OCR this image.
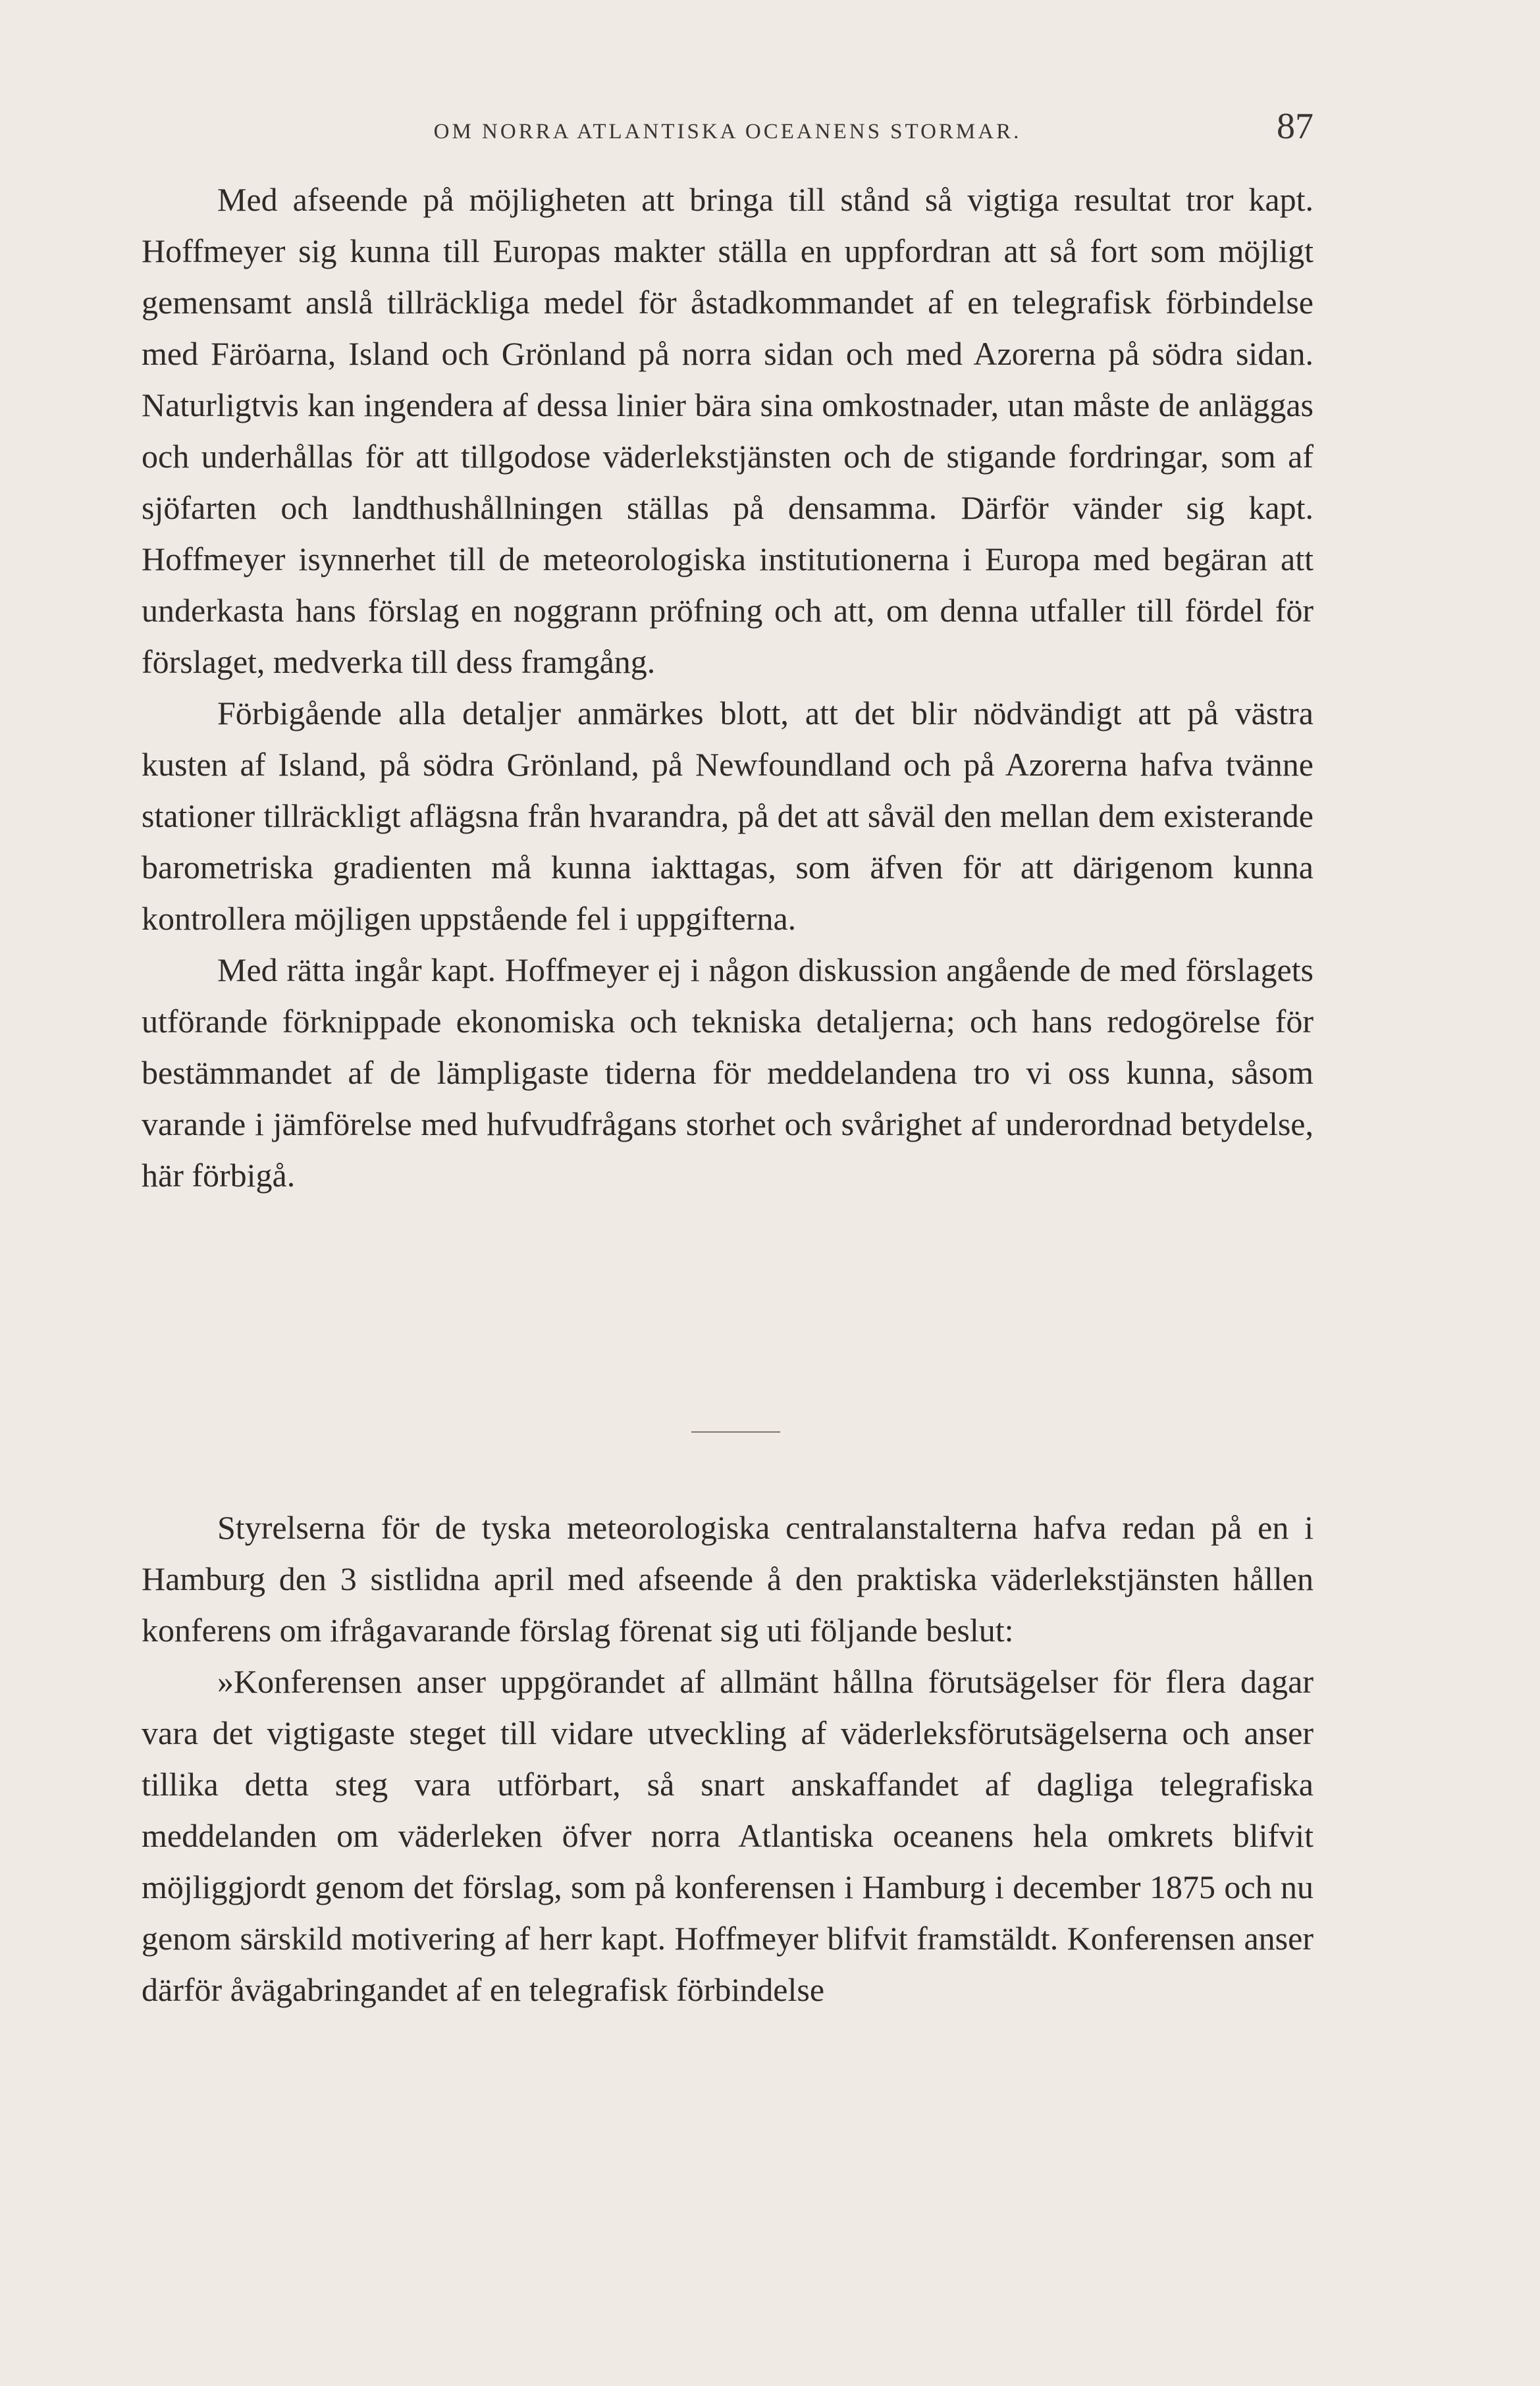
OM NORRA ATLANTISKA OCEANENS STORMAR.	87

Med afseende på möjligheten att bringa till stånd så vigtiga resultat tror kapt. Hoffmeyer sig kunna till Europas makter ställa en uppfordran att så fort som möjligt gemensamt anslå tillräckliga medel för åstadkommandet af en telegrafisk förbindelse med Färöarna, Island och Grönland på norra sidan och med Azorerna på södra sidan. Naturligtvis kan ingendera af dessa linier bära sina omkostnader, utan måste de anläggas och underhållas för att tillgodose väderlekstjänsten och de stigande fordringar, som af sjöfarten och landthushållningen ställas på densamma. Därför vänder sig kapt. Hoffmeyer isynnerhet till de meteorologiska institutionerna i Europa med begäran att underkasta hans förslag en noggrann pröfning och att, om denna utfaller till fördel för förslaget, medverka till dess framgång.

Förbigående alla detaljer anmärkes blott, att det blir nödvändigt att på västra kusten af Island, på södra Grönland, på Newfoundland och på Azorerna hafva tvänne stationer tillräckligt aflägsna från hvarandra, på det att såväl den mellan dem existerande barometriska gradienten må kunna iakttagas, som äfven för att därigenom kunna kontrollera möjligen uppstående fel i uppgifterna.

Med rätta ingår kapt. Hoffmeyer ej i någon diskussion angående de med förslagets utförande förknippade ekonomiska och tekniska detaljerna; och hans redogörelse för bestämmandet af de lämpligaste tiderna för meddelandena tro vi oss kunna, såsom varande i jämförelse med hufvudfrågans storhet och svårighet af underordnad betydelse, här förbigå.

Styrelserna för de tyska meteorologiska centralanstalterna hafva redan på en i Hamburg den 3 sistlidna april med afseende å den praktiska väderlekstjänsten hållen konferens om ifrågavarande förslag förenat sig uti följande beslut:

»Konferensen anser uppgörandet af allmänt hållna förutsägelser för flera dagar vara det vigtigaste steget till vidare utveckling af väderleksförutsägelserna och anser tillika detta steg vara utförbart, så snart anskaffandet af dagliga telegrafiska meddelanden om väderleken öfver norra Atlantiska oceanens hela omkrets blifvit möjliggjordt genom det förslag, som på konferensen i Hamburg i december 1875 och nu genom särskild motivering af herr kapt. Hoffmeyer blifvit framstäldt. Konferensen anser därför åvägabringandet af en telegrafisk förbindelse
